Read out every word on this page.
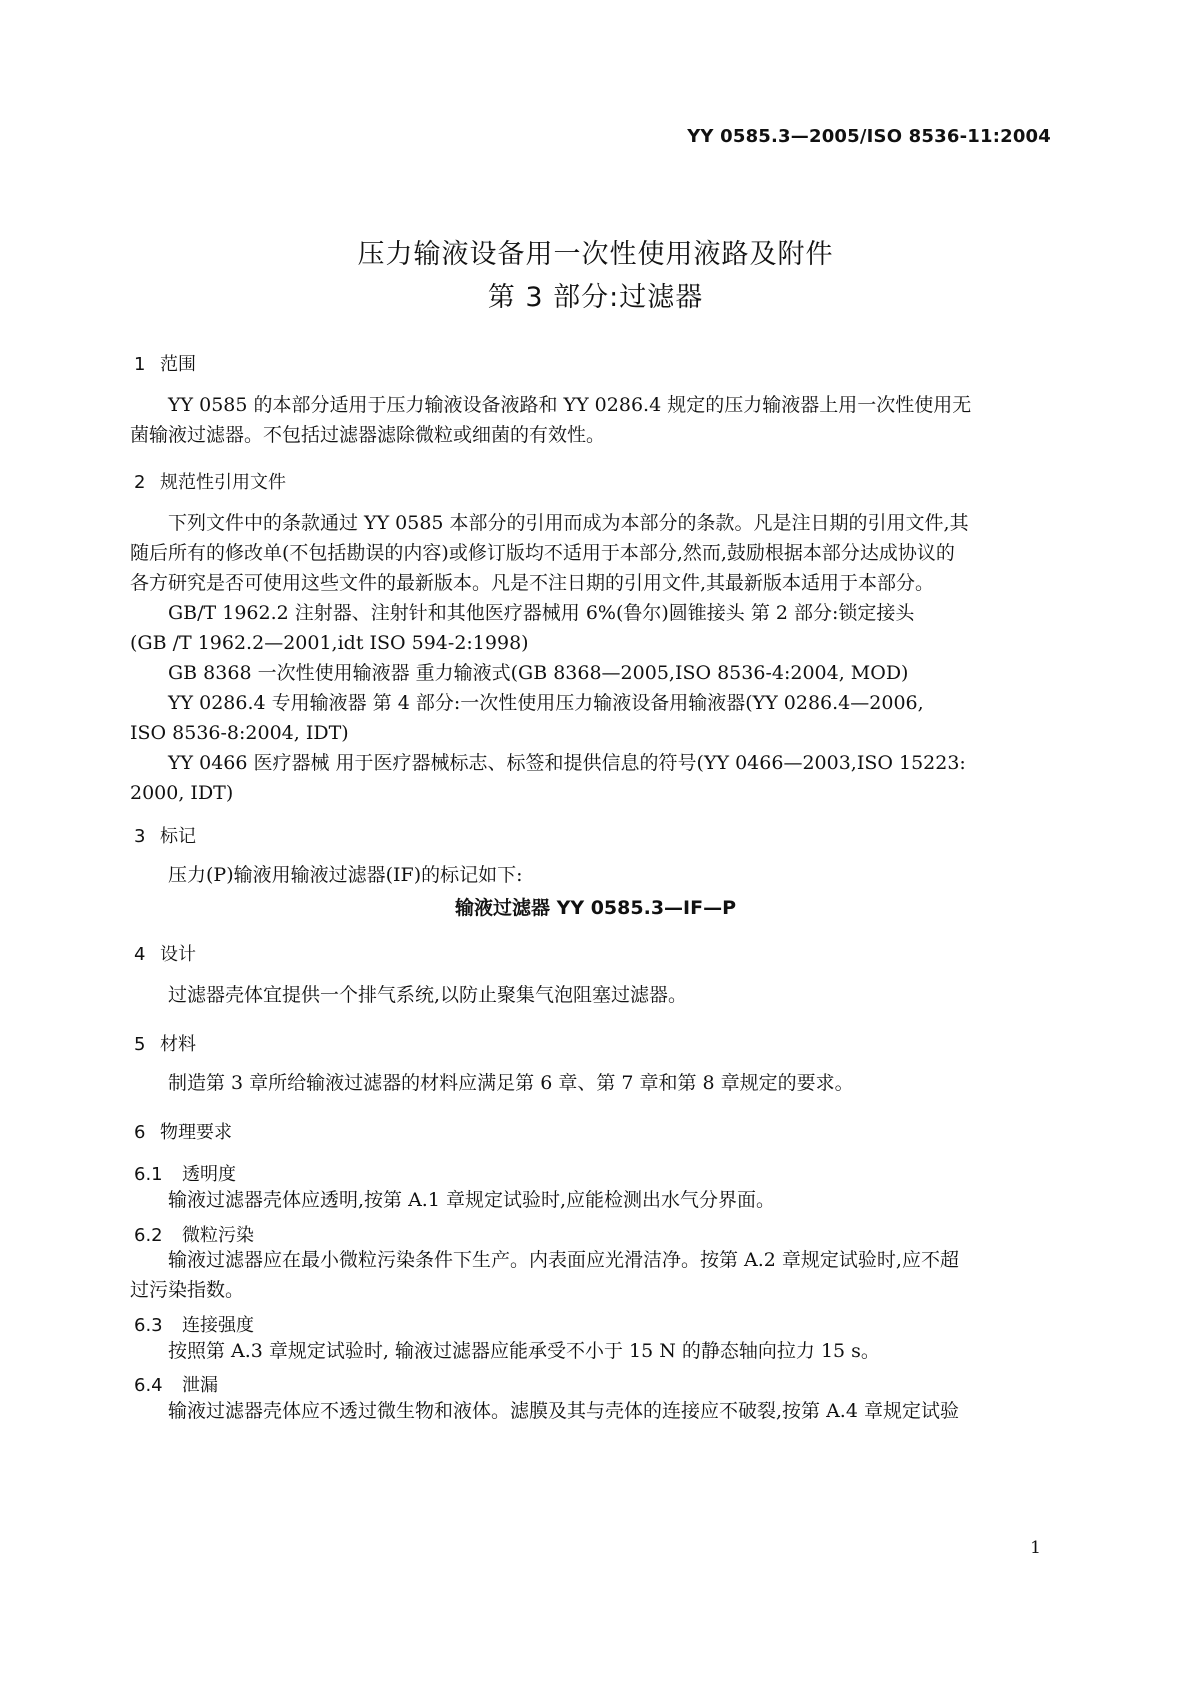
YY 0585.3—2005/ISO 8536-11:2004
压力输液设备用一次性使用液路及附件
第 3 部分:过滤器
1 范围
YY 0585 的本部分适用于压力输液设备液路和 YY 0286.4 规定的压力输液器上用一次性使用无
菌输液过滤器。不包括过滤器滤除微粒或细菌的有效性。
2 规范性引用文件
下列文件中的条款通过 YY 0585 本部分的引用而成为本部分的条款。凡是注日期的引用文件,其
随后所有的修改单(不包括勘误的内容)或修订版均不适用于本部分,然而,鼓励根据本部分达成协议的
各方研究是否可使用这些文件的最新版本。凡是不注日期的引用文件,其最新版本适用于本部分。
GB/T 1962.2 注射器、注射针和其他医疗器械用 6%(鲁尔)圆锥接头 第 2 部分:锁定接头
(GB /T 1962.2—2001,idt ISO 594-2:1998)
GB 8368 一次性使用输液器 重力输液式(GB 8368—2005,ISO 8536-4:2004, MOD)
YY 0286.4 专用输液器 第 4 部分:一次性使用压力输液设备用输液器(YY 0286.4—2006,
ISO 8536-8:2004, IDT)
YY 0466 医疗器械 用于医疗器械标志、标签和提供信息的符号(YY 0466—2003,ISO 15223:
2000, IDT)
3 标记
压力(P)输液用输液过滤器(IF)的标记如下:
输液过滤器 YY 0585.3—IF—P
4 设计
过滤器壳体宜提供一个排气系统,以防止聚集气泡阻塞过滤器。
5 材料
制造第 3 章所给输液过滤器的材料应满足第 6 章、第 7 章和第 8 章规定的要求。
6 物理要求
6.1 透明度
输液过滤器壳体应透明,按第 A.1 章规定试验时,应能检测出水气分界面。
6.2 微粒污染
输液过滤器应在最小微粒污染条件下生产。内表面应光滑洁净。按第 A.2 章规定试验时,应不超
过污染指数。
6.3 连接强度
按照第 A.3 章规定试验时, 输液过滤器应能承受不小于 15 N 的静态轴向拉力 15 s。
6.4 泄漏
输液过滤器壳体应不透过微生物和液体。滤膜及其与壳体的连接应不破裂,按第 A.4 章规定试验
1
